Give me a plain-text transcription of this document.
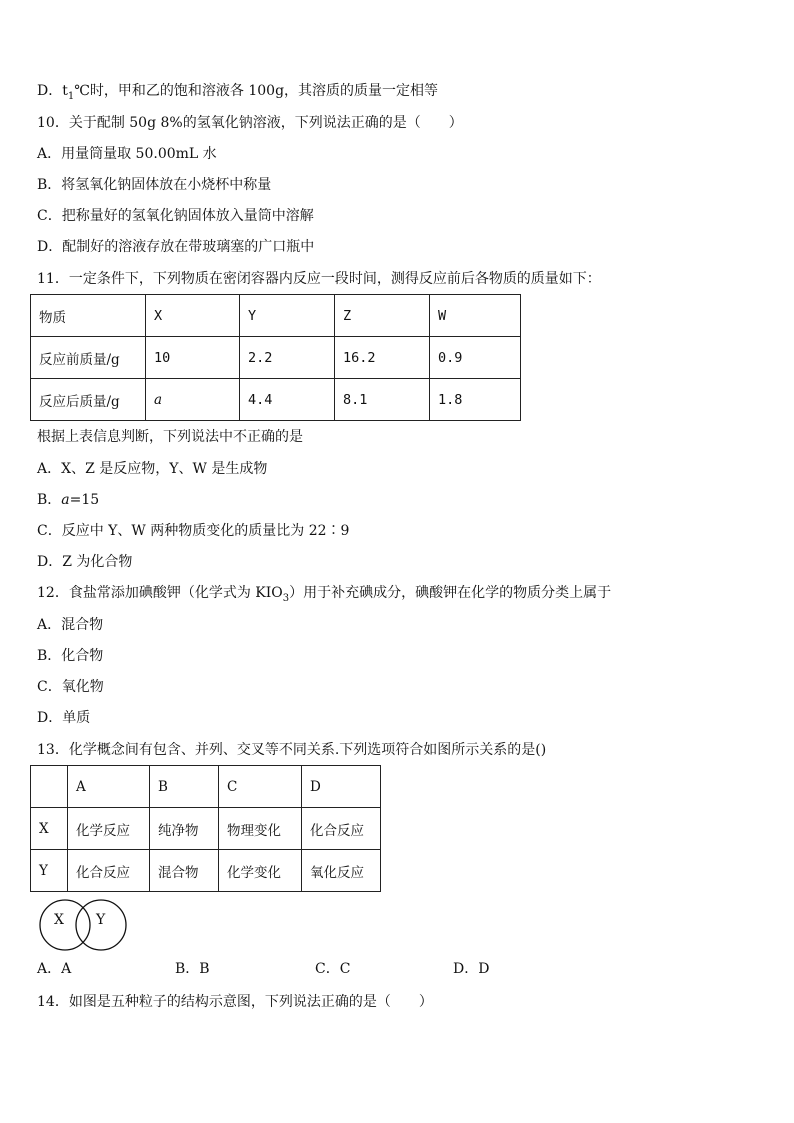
D．$t_1℃$时，甲和乙的饱和溶液各 100g，其溶质的质量一定相等
10．关于配制 50g 8%的氢氧化钠溶液，下列说法正确的是（　　）
A．用量筒量取 50.00mL 水
B．将氢氧化钠固体放在小烧杯中称量
C．把称量好的氢氧化钠固体放入量筒中溶解
D．配制好的溶液存放在带玻璃塞的广口瓶中
11．一定条件下，下列物质在密闭容器内反应一段时间，测得反应前后各物质的质量如下：
物质	X	Y	Z	W
反应前质量/g	10	2.2	16.2	0.9
反应后质量/g	a	4.4	8.1	1.8
根据上表信息判断，下列说法中不正确的是
A．X、Z 是反应物，Y、W 是生成物
B．a=15
C．反应中 Y、W 两种物质变化的质量比为 22∶9
D．Z 为化合物
12．食盐常添加碘酸钾（化学式为 $KIO_3$）用于补充碘成分，碘酸钾在化学的物质分类上属于
A．混合物
B．化合物
C．氧化物
D．单质
13．化学概念间有包含、并列、交叉等不同关系.下列选项符合如图所示关系的是()
	A	B	C	D
X	化学反应	纯净物	物理变化	化合反应
Y	化合反应	混合物	化学变化	氧化反应
X Y
A．A	B．B	C．C	D．D
14．如图是五种粒子的结构示意图，下列说法正确的是（　　）
